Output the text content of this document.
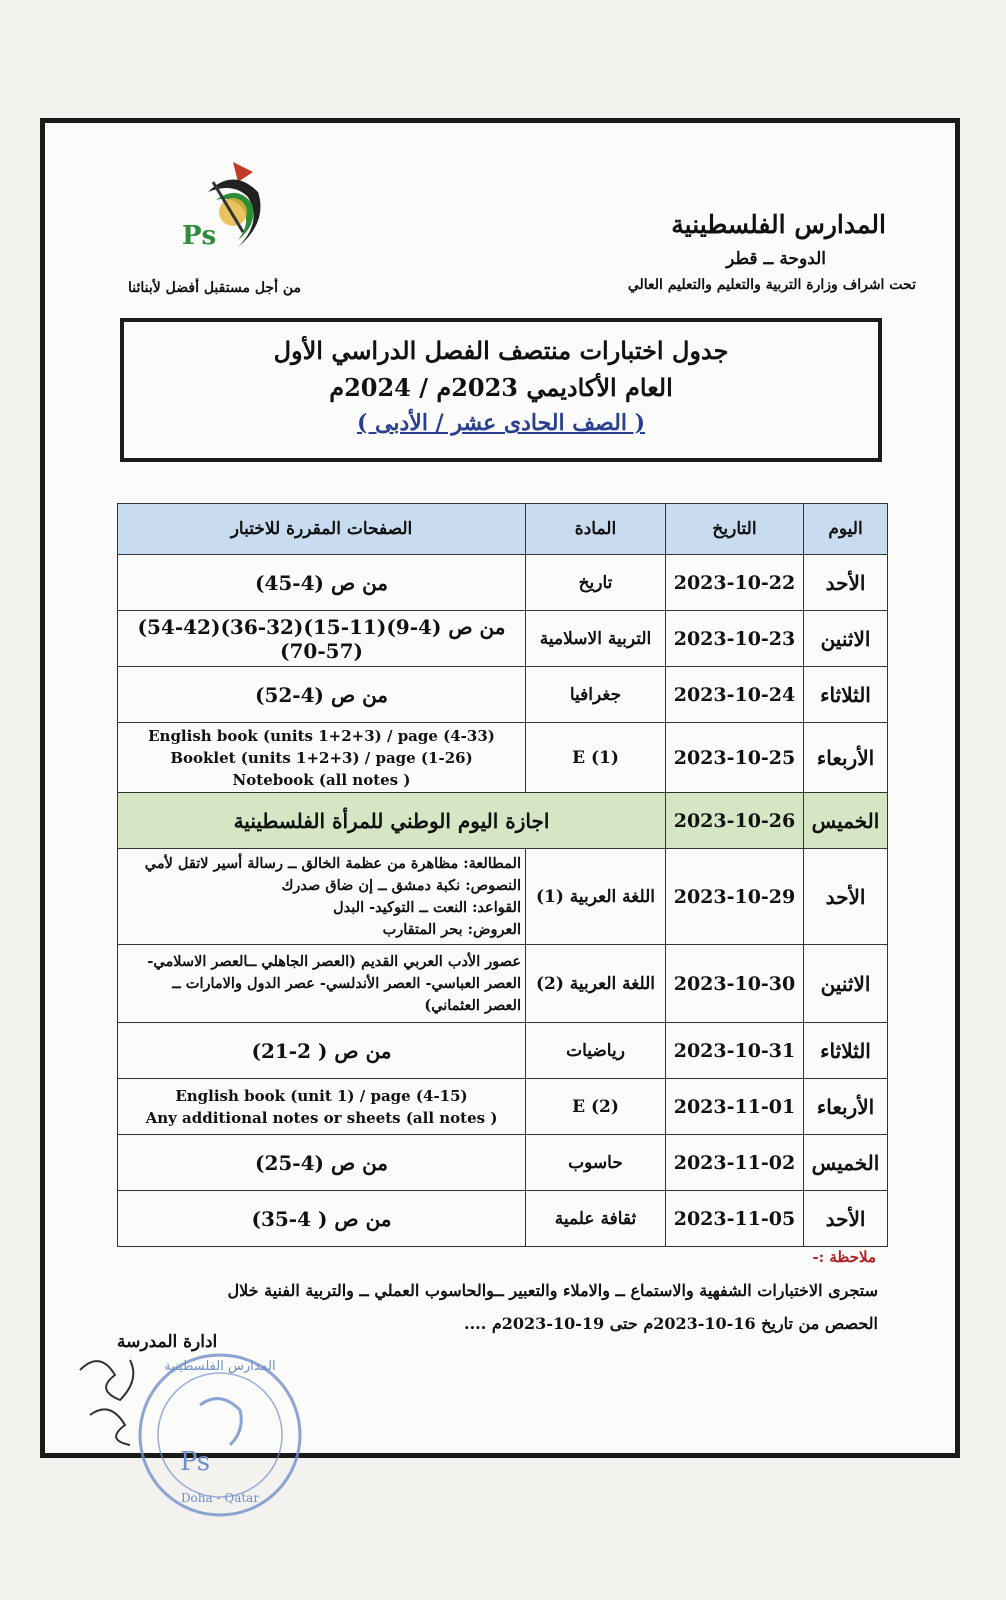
Ps	المدارس الفلسطينية
الدوحة ــ قطر
تحت اشراف وزارة التربية والتعليم والتعليم العالي
من أجل مستقبل أفضل لأبنائنا
جدول اختبارات منتصف الفصل الدراسي الأول
العام الأكاديمي 2023م / 2024م
( الصف الحادى عشر / الأدبى )
اليوم	التاريخ	المادة	الصفحات المقررة للاختبار
الأحد	2023-10-22	تاريخ	من ص (4-45)

الاثنين	2023-10-23	التربية الاسلامية	من ص (4-9)(11-15)(32-36)(42-54)(57-70)

الثلاثاء	2023-10-24	جغرافيا	من ص (4-52)

الأربعاء	2023-10-25	E (1)	English book (units 1+2+3) / page (4-33)
Booklet (units 1+2+3) / page (1-26)
Notebook (all notes )

الخميس	2023-10-26	اجازة اليوم الوطني للمرأة الفلسطينية	

الأحد	2023-10-29	اللغة العربية (1)	المطالعة: مظاهرة من عظمة الخالق ــ رسالة أسير لاتقل لأمي
النصوص: نكبة دمشق ــ إن ضاق صدرك
القواعد: النعت ــ التوكيد- البدل
العروض: بحر المتقارب

الاثنين	2023-10-30	اللغة العربية (2)	عصور الأدب العربي القديم (العصر الجاهلي ــالعصر الاسلامي-
العصر العباسي- العصر الأندلسي- عصر الدول والامارات ــ
العصر العثماني)

الثلاثاء	2023-10-31	رياضيات	من ص ( 2-21)

الأربعاء	2023-11-01	E (2)	English book (unit 1) / page (4-15)
Any additional notes or sheets (all notes )

الخميس	2023-11-02	حاسوب	من ص (4-25)

الأحد	2023-11-05	ثقافة علمية	من ص ( 4-35)
ملاحظة :-
ستجرى الاختبارات الشفهية والاستماع ــ والاملاء والتعبير ــوالحاسوب العملي ــ والتربية الفنية خلال
الحصص من تاريخ 16-10-2023م حتى 19-10-2023م ....
ادارة المدرسة
Ps
المدارس الفلسطينية
Doha - Qatar
